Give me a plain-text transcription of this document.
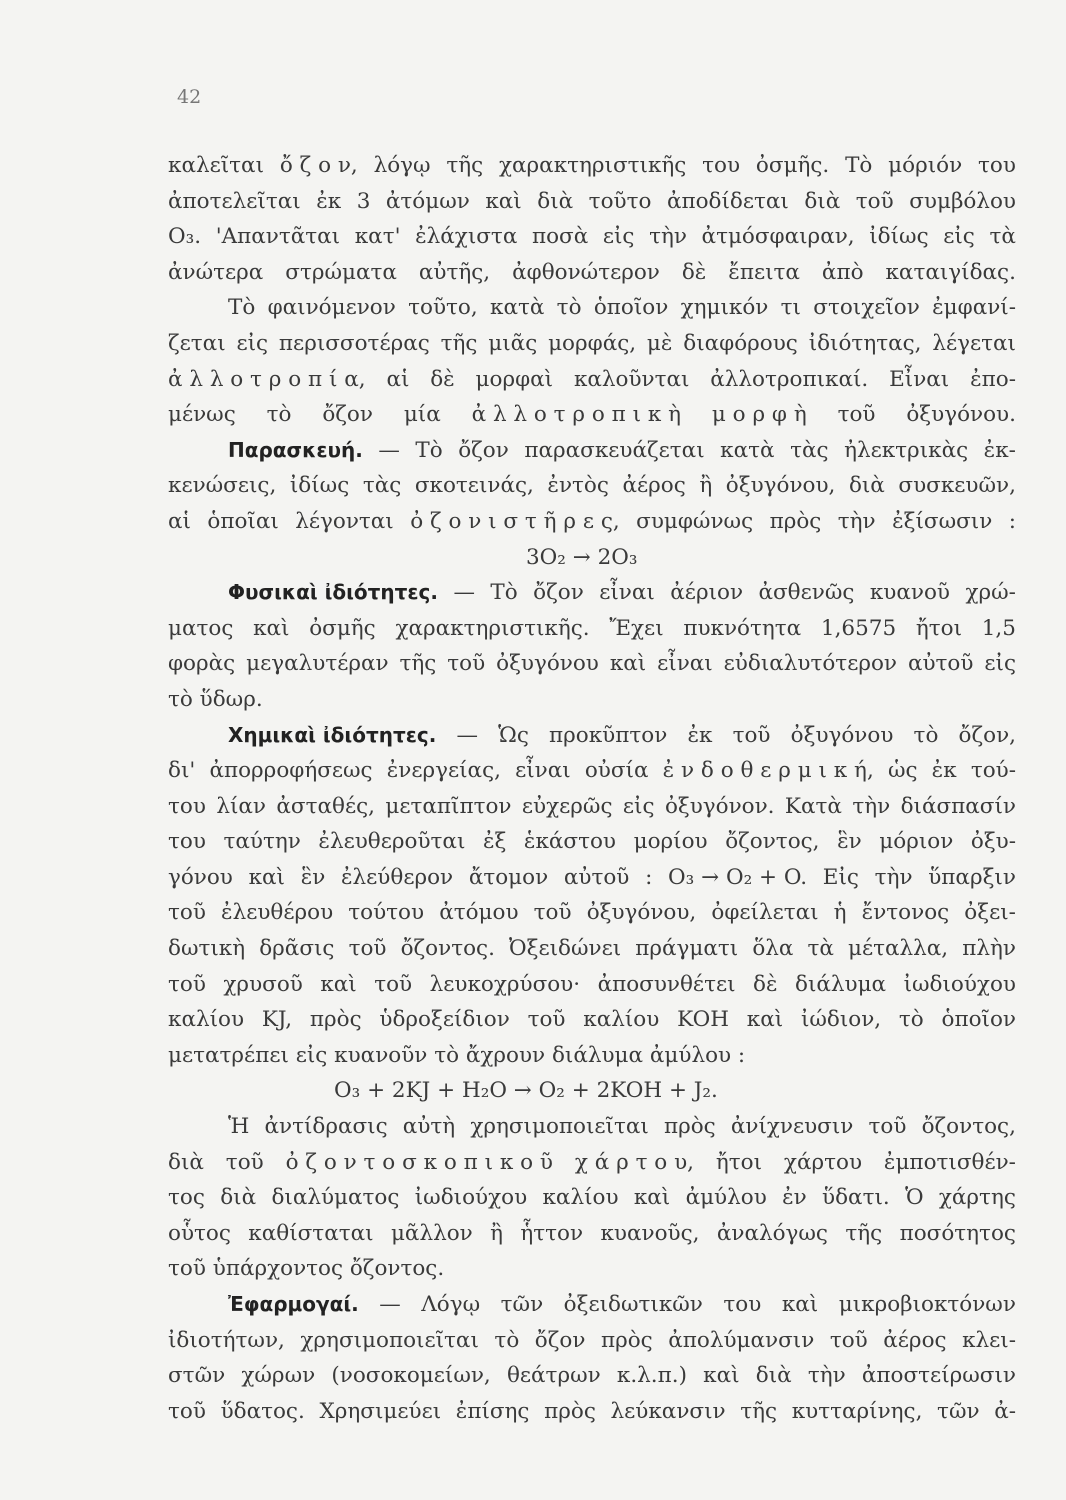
42
καλεῖται ὄ ζ ο ν, λόγῳ τῆς χαρακτηριστικῆς του ὀσμῆς. Τὸ μόριόν του
ἀποτελεῖται ἐκ 3 ἀτόμων καὶ διὰ τοῦτο ἀποδίδεται διὰ τοῦ συμβόλου
O₃. 'Απαντᾶται κατ' ἐλάχιστα ποσὰ εἰς τὴν ἀτμόσφαιραν, ἰδίως εἰς τὰ
ἀνώτερα στρώματα αὐτῆς, ἀφθονώτερον δὲ ἔπειτα ἀπὸ καταιγίδας.
Τὸ φαινόμενον τοῦτο, κατὰ τὸ ὁποῖον χημικόν τι στοιχεῖον ἐμφανί-
ζεται εἰς περισσοτέρας τῆς μιᾶς μορφάς, μὲ διαφόρους ἰδιότητας, λέγεται
ἀ λ λ ο τ ρ ο π ί α, αἱ δὲ μορφαὶ καλοῦνται ἀλλοτροπικαί. Εἶναι ἐπο-
μένως τὸ ὄζον μία ἀ λ λ ο τ ρ ο π ι κ ὴ μ ο ρ φ ὴ τοῦ ὀξυγόνου.
Παρασκευή. — Τὸ ὄζον παρασκευάζεται κατὰ τὰς ἠλεκτρικὰς ἐκ-
κενώσεις, ἰδίως τὰς σκοτεινάς, ἐντὸς ἀέρος ἢ ὀξυγόνου, διὰ συσκευῶν,
αἱ ὁποῖαι λέγονται ὀ ζ ο ν ι σ τ ῆ ρ ε ς, συμφώνως πρὸς τὴν ἐξίσωσιν :
3O₂ → 2O₃
Φυσικαὶ ἰδιότητες. — Τὸ ὄζον εἶναι ἀέριον ἀσθενῶς κυανοῦ χρώ-
ματος καὶ ὀσμῆς χαρακτηριστικῆς. Ἔχει πυκνότητα 1,6575 ἤτοι 1,5
φορὰς μεγαλυτέραν τῆς τοῦ ὀξυγόνου καὶ εἶναι εὐδιαλυτότερον αὐτοῦ εἰς
τὸ ὕδωρ.
Χημικαὶ ἰδιότητες. — Ὡς προκῦπτον ἐκ τοῦ ὀξυγόνου τὸ ὄζον,
δι' ἀπορροφήσεως ἐνεργείας, εἶναι οὐσία ἐ ν δ ο θ ε ρ μ ι κ ή, ὡς ἐκ τού-
του λίαν ἀσταθές, μεταπῖπτον εὐχερῶς εἰς ὀξυγόνον. Κατὰ τὴν διάσπασίν
του ταύτην ἐλευθεροῦται ἐξ ἑκάστου μορίου ὄζοντος, ἓν μόριον ὀξυ-
γόνου καὶ ἓν ἐλεύθερον ἄτομον αὐτοῦ : O₃ → O₂ + O. Εἰς τὴν ὕπαρξιν
τοῦ ἐλευθέρου τούτου ἀτόμου τοῦ ὀξυγόνου, ὀφείλεται ἡ ἔντονος ὀξει-
δωτικὴ δρᾶσις τοῦ ὄζοντος. Ὀξειδώνει πράγματι ὅλα τὰ μέταλλα, πλὴν
τοῦ χρυσοῦ καὶ τοῦ λευκοχρύσου· ἀποσυνθέτει δὲ διάλυμα ἰωδιούχου
καλίου KJ, πρὸς ὑδροξείδιον τοῦ καλίου KOH καὶ ἰώδιον, τὸ ὁποῖον
μετατρέπει εἰς κυανοῦν τὸ ἄχρουν διάλυμα ἀμύλου :
O₃ + 2KJ + H₂O → O₂ + 2KOH + J₂.
Ἡ ἀντίδρασις αὐτὴ χρησιμοποιεῖται πρὸς ἀνίχνευσιν τοῦ ὄζοντος,
διὰ τοῦ ὀ ζ ο ν τ ο σ κ ο π ι κ ο ῦ χ ά ρ τ ο υ, ἤτοι χάρτου ἐμποτισθέν-
τος διὰ διαλύματος ἰωδιούχου καλίου καὶ ἀμύλου ἐν ὕδατι. Ὁ χάρτης
οὗτος καθίσταται μᾶλλον ἢ ἧττον κυανοῦς, ἀναλόγως τῆς ποσότητος
τοῦ ὑπάρχοντος ὄζοντος.
Ἐφαρμογαί. — Λόγῳ τῶν ὀξειδωτικῶν του καὶ μικροβιοκτόνων
ἰδιοτήτων, χρησιμοποιεῖται τὸ ὄζον πρὸς ἀπολύμανσιν τοῦ ἀέρος κλει-
στῶν χώρων (νοσοκομείων, θεάτρων κ.λ.π.) καὶ διὰ τὴν ἀποστείρωσιν
τοῦ ὕδατος. Χρησιμεύει ἐπίσης πρὸς λεύκανσιν τῆς κυτταρίνης, τῶν ἀ-
